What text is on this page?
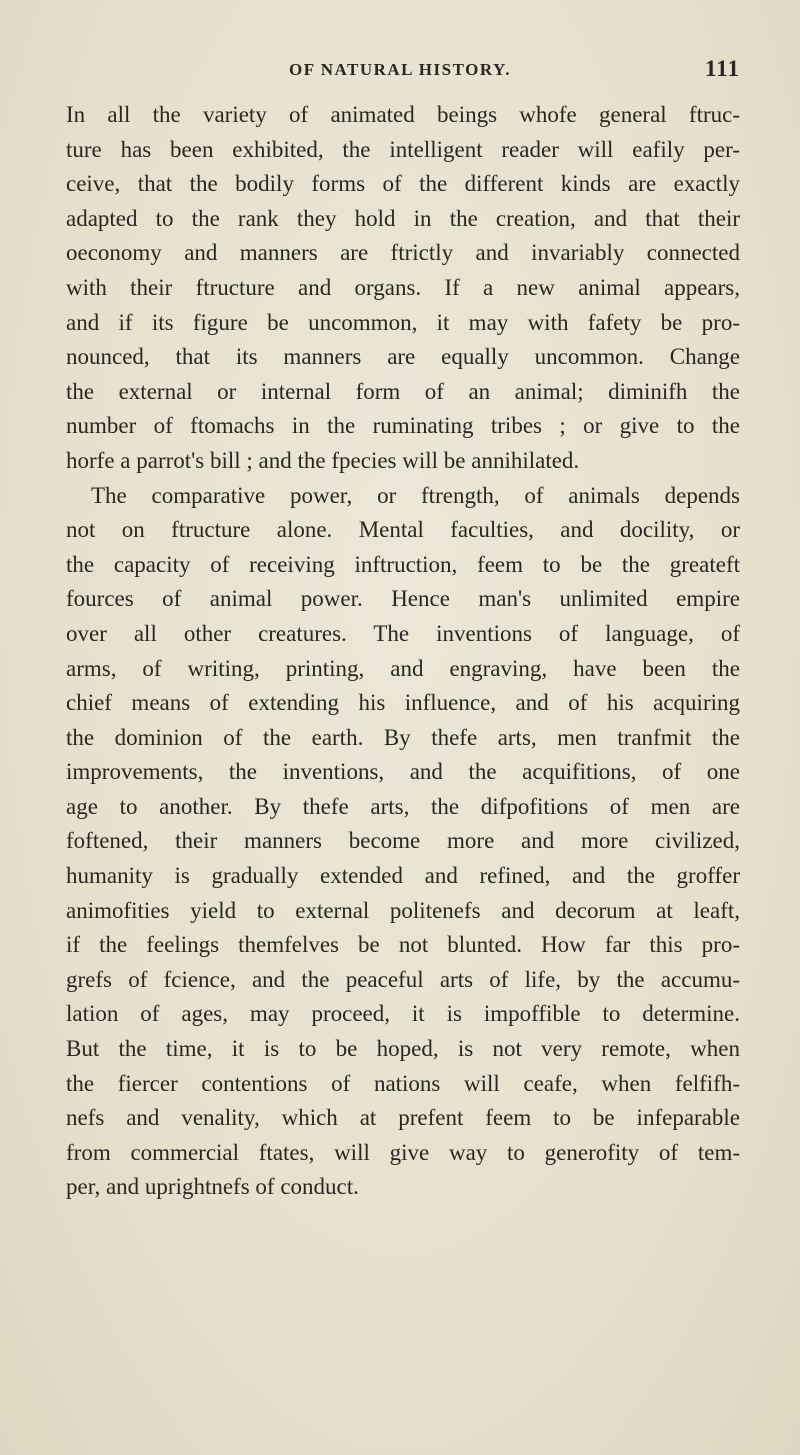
OF NATURAL HISTORY.	111
In all the variety of animated beings whofe general ftruc-
ture has been exhibited, the intelligent reader will eafily per-
ceive, that the bodily forms of the different kinds are exactly
adapted to the rank they hold in the creation, and that their
oeconomy and manners are ftrictly and invariably connected
with their ftructure and organs. If a new animal appears,
and if its figure be uncommon, it may with fafety be pro-
nounced, that its manners are equally uncommon. Change
the external or internal form of an animal; diminifh the
number of ftomachs in the ruminating tribes ; or give to the
horfe a parrot's bill ; and the fpecies will be annihilated.
The comparative power, or ftrength, of animals depends
not on ftructure alone. Mental faculties, and docility, or
the capacity of receiving inftruction, feem to be the greateft
fources of animal power. Hence man's unlimited empire
over all other creatures. The inventions of language, of
arms, of writing, printing, and engraving, have been the
chief means of extending his influence, and of his acquiring
the dominion of the earth. By thefe arts, men tranfmit the
improvements, the inventions, and the acquifitions, of one
age to another. By thefe arts, the difpofitions of men are
foftened, their manners become more and more civilized,
humanity is gradually extended and refined, and the groffer
animofities yield to external politenefs and decorum at leaft,
if the feelings themfelves be not blunted. How far this pro-
grefs of fcience, and the peaceful arts of life, by the accumu-
lation of ages, may proceed, it is impoffible to determine.
But the time, it is to be hoped, is not very remote, when
the fiercer contentions of nations will ceafe, when felfifh-
nefs and venality, which at prefent feem to be infeparable
from commercial ftates, will give way to generofity of tem-
per, and uprightnefs of conduct.
